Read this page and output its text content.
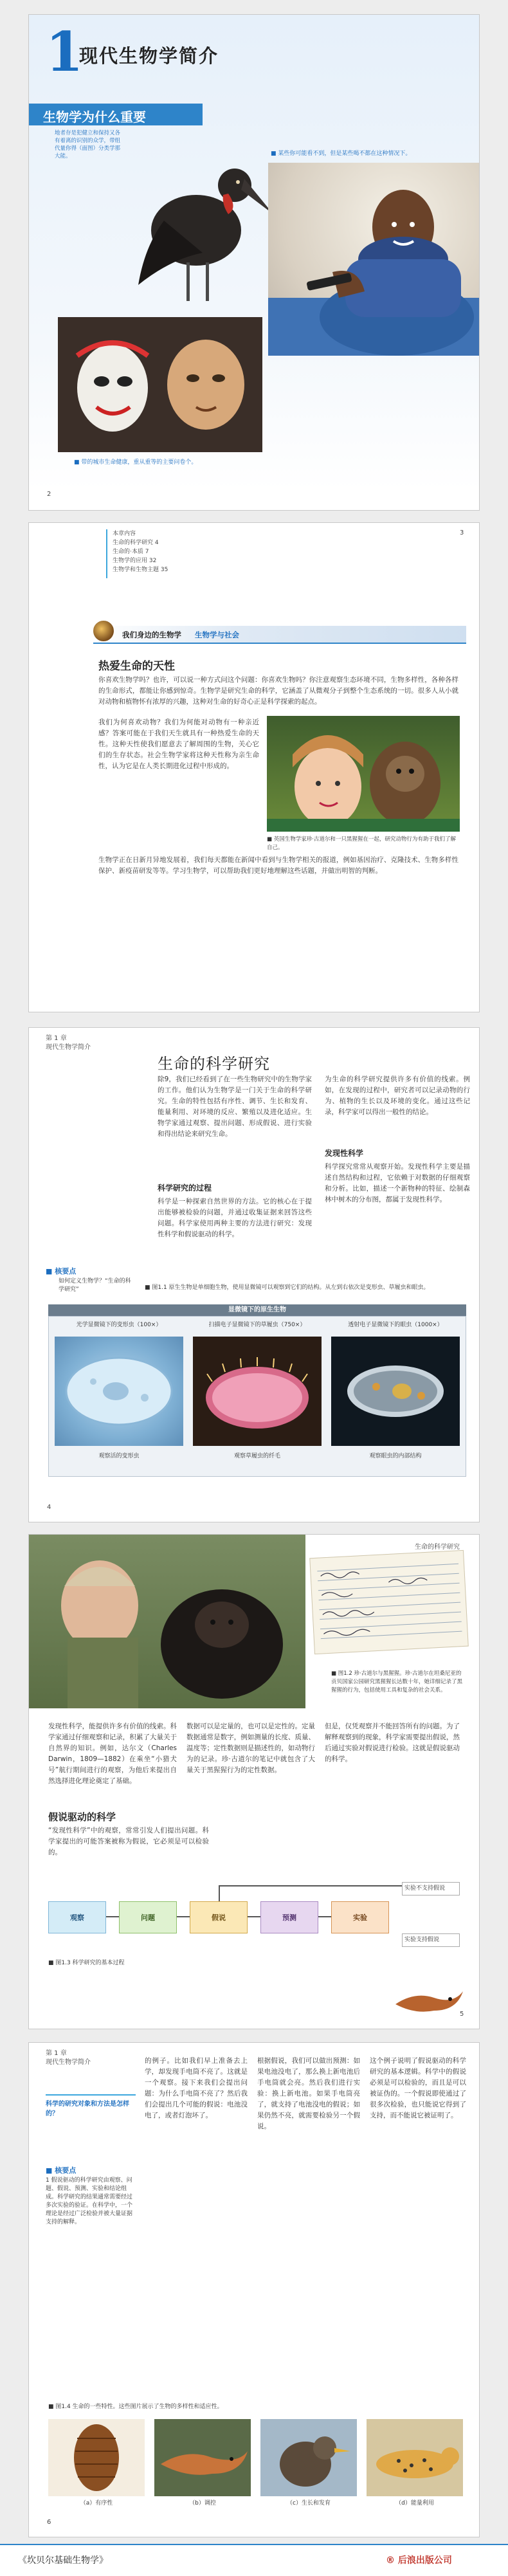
1
现代生物学简介
生物学为什么重要
地者存是犯健立和保持又各有着离的识别的众学，带组代量你得（面图）分类学那大能。	■ 某些你可能看不到，但是某些喝不都在这种情况下。
■ 带的城市生命健康，重从重等的主要问卷个。
2
本章内容
生命的科学研究 4
生命的·本质 7
生物学的应用 32
生物学和生物主题 35
3
我们身边的生物学 生物学与社会
热爱生命的天性
你喜欢生物学吗？也许，可以说一种方式问这个问题：你喜欢生物吗？你注意观察生态环境不同，生物多样性，各种各样的生命形式，都能让你感到惊奇。生物学是研究生命的科学，它涵盖了从微观分子到整个生态系统的一切。很多人从小就对动物和植物怀有浓厚的兴趣，这种对生命的好奇心正是科学探索的起点。
我们为何喜欢动物？我们为何能对动物有一种亲近感？答案可能在于我们天生就具有一种热爱生命的天性。这种天性使我们愿意去了解周围的生物，关心它们的生存状态。社会生物学家将这种天性称为亲生命性，认为它是在人类长期进化过程中形成的。
生物学正在日新月异地发展着，我们每天都能在新闻中看到与生物学相关的报道，例如基因治疗、克隆技术、生物多样性保护、新疫苗研发等等。学习生物学，可以帮助我们更好地理解这些话题，并做出明智的判断。
■ 英国生物学家珍·古道尔和一只黑猩猩在一起，研究动物行为有助于我们了解自己。
第 1 章
现代生物学简介
生命的科学研究
■ 核要点
如何定义生物学？“生命的科学研究”
除9，我们已经看到了在一些生物研究中的生物学家的工作。他们认为生物学是一门关于生命的科学研究。生命的特性包括有序性、调节、生长和发育、能量利用、对环境的反应、繁殖以及进化适应。生物学家通过观察、提出问题、形成假说、进行实验和得出结论来研究生命。
科学研究的过程
科学是一种探索自然世界的方法。它的核心在于提出能够被检验的问题，并通过收集证据来回答这些问题。科学家使用两种主要的方法进行研究：发现性科学和假说驱动的科学。
为生命的科学研究提供许多有价值的线索。例如，在发现的过程中，研究者可以记录动物的行为、植物的生长以及环境的变化。通过这些记录，科学家可以得出一般性的结论。
发现性科学
科学探究常常从观察开始。发现性科学主要是描述自然结构和过程，它依赖于对数据的仔细观察和分析。比如，描述一个新物种的特征、绘制森林中树木的分布图，都属于发现性科学。
■ 图1.1 原生生物是单细胞生物，使用显微镜可以观察到它们的结构。从左到右依次是变形虫、草履虫和眼虫。
显微镜下的原生生物
光学显微镜下的变形虫（100×）	扫描电子显微镜下的草履虫（750×）	透射电子显微镜下的眼虫（1000×）
观察活的变形虫	观察草履虫的纤毛	观察眼虫的内部结构
4
生命的科学研究
■ 图1.2 珍·古道尔与黑猩猩。珍·古道尔在坦桑尼亚的贡贝国家公园研究黑猩猩长达数十年，她详细记录了黑猩猩的行为，包括使用工具和复杂的社会关系。
发现性科学，能提供许多有价值的线索。科学家通过仔细观察和记录，积累了大量关于自然界的知识。例如，达尔文（Charles Darwin，1809—1882）在乘坐“小猎犬号”航行期间进行的观察，为他后来提出自然选择进化理论奠定了基础。
数据可以是定量的，也可以是定性的。定量数据通常是数字，例如测量的长度、质量、温度等；定性数据则是描述性的，如动物行为的记录。珍·古道尔的笔记中就包含了大量关于黑猩猩行为的定性数据。
但是，仅凭观察并不能回答所有的问题。为了解释观察到的现象，科学家需要提出假说，然后通过实验对假说进行检验。这就是假说驱动的科学。
假说驱动的科学
“发现性科学”中的观察，常常引发人们提出问题。科学家提出的可能答案被称为假说，它必须是可以检验的。
观察	问题	假说	预测	实验
实验不支持假说
实验支持假说
■ 图1.3 科学研究的基本过程
5
第 1 章
现代生物学简介
科学的研究对象和方法是怎样的？
■ 核要点
1 假说驱动的科学研究由观察、问题、假说、预测、实验和结论组成。科学研究的结果通常需要经过多次实验的验证。在科学中，一个理论是经过广泛检验并被大量证据支持的解释。
的例子。比如我们早上准备去上学，却发现手电筒不亮了。这就是一个观察。接下来我们会提出问题：为什么手电筒不亮了？然后我们会提出几个可能的假说：电池没电了，或者灯泡坏了。
根据假说，我们可以做出预测：如果电池没电了，那么换上新电池后手电筒就会亮。然后我们进行实验：换上新电池。如果手电筒亮了，就支持了电池没电的假说；如果仍然不亮，就需要检验另一个假说。
这个例子说明了假说驱动的科学研究的基本逻辑。科学中的假说必须是可以检验的，而且是可以被证伪的。一个假说即使通过了很多次检验，也只能说它得到了支持，而不能说它被证明了。
■ 图1.4 生命的一些特性。这些图片展示了生物的多样性和适应性。
（a）有序性	（b）调控	（c）生长和发育	（d）能量利用
6
《坎贝尔基础生物学》	® 后浪出版公司
